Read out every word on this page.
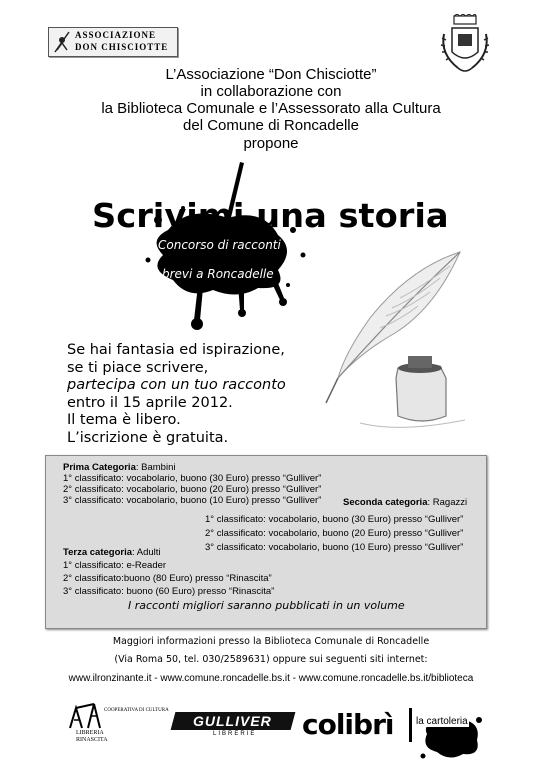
ASSOCIAZIONE
DON CHISCIOTTE
L’Associazione “Don Chisciotte”
in collaborazione con
la Biblioteca Comunale e l’Assessorato alla Cultura
del Comune di Roncadelle
propone
Scrivimi una storia
Concorso di racconti
brevi a Roncadelle
Se hai fantasia ed ispirazione,
se ti piace scrivere,
partecipa con un tuo racconto
entro il 15 aprile 2012.
Il tema è libero.
L’iscrizione è gratuita.
Prima Categoria: Bambini
1° classificato: vocabolario, buono (30 Euro) presso “Gulliver”
2° classificato: vocabolario, buono (20 Euro) presso “Gulliver”
3° classificato: vocabolario, buono (10 Euro) presso “Gulliver”	Seconda categoria: Ragazzi
1° classificato: vocabolario, buono (30 Euro) presso “Gulliver”
2° classificato: vocabolario, buono (20 Euro) presso “Gulliver”
3° classificato: vocabolario, buono (10 Euro) presso “Gulliver”
Terza categoria: Adulti
1° classificato: e-Reader
2° classificato:buono (80 Euro) presso “Rinascita”
3° classificato: buono (60 Euro) presso “Rinascita”
I racconti migliori saranno pubblicati in un volume
Maggiori informazioni presso la Biblioteca Comunale di Roncadelle
(Via Roma 50, tel. 030/2589631) oppure sui seguenti siti internet:
www.ilronzinante.it - www.comune.roncadelle.bs.it - www.comune.roncadelle.bs.it/biblioteca
COOPERATIVA DI CULTURA
LIBRERIA
RINASCITA
GULLIVER
LIBRERIE colibrì la cartoleria
